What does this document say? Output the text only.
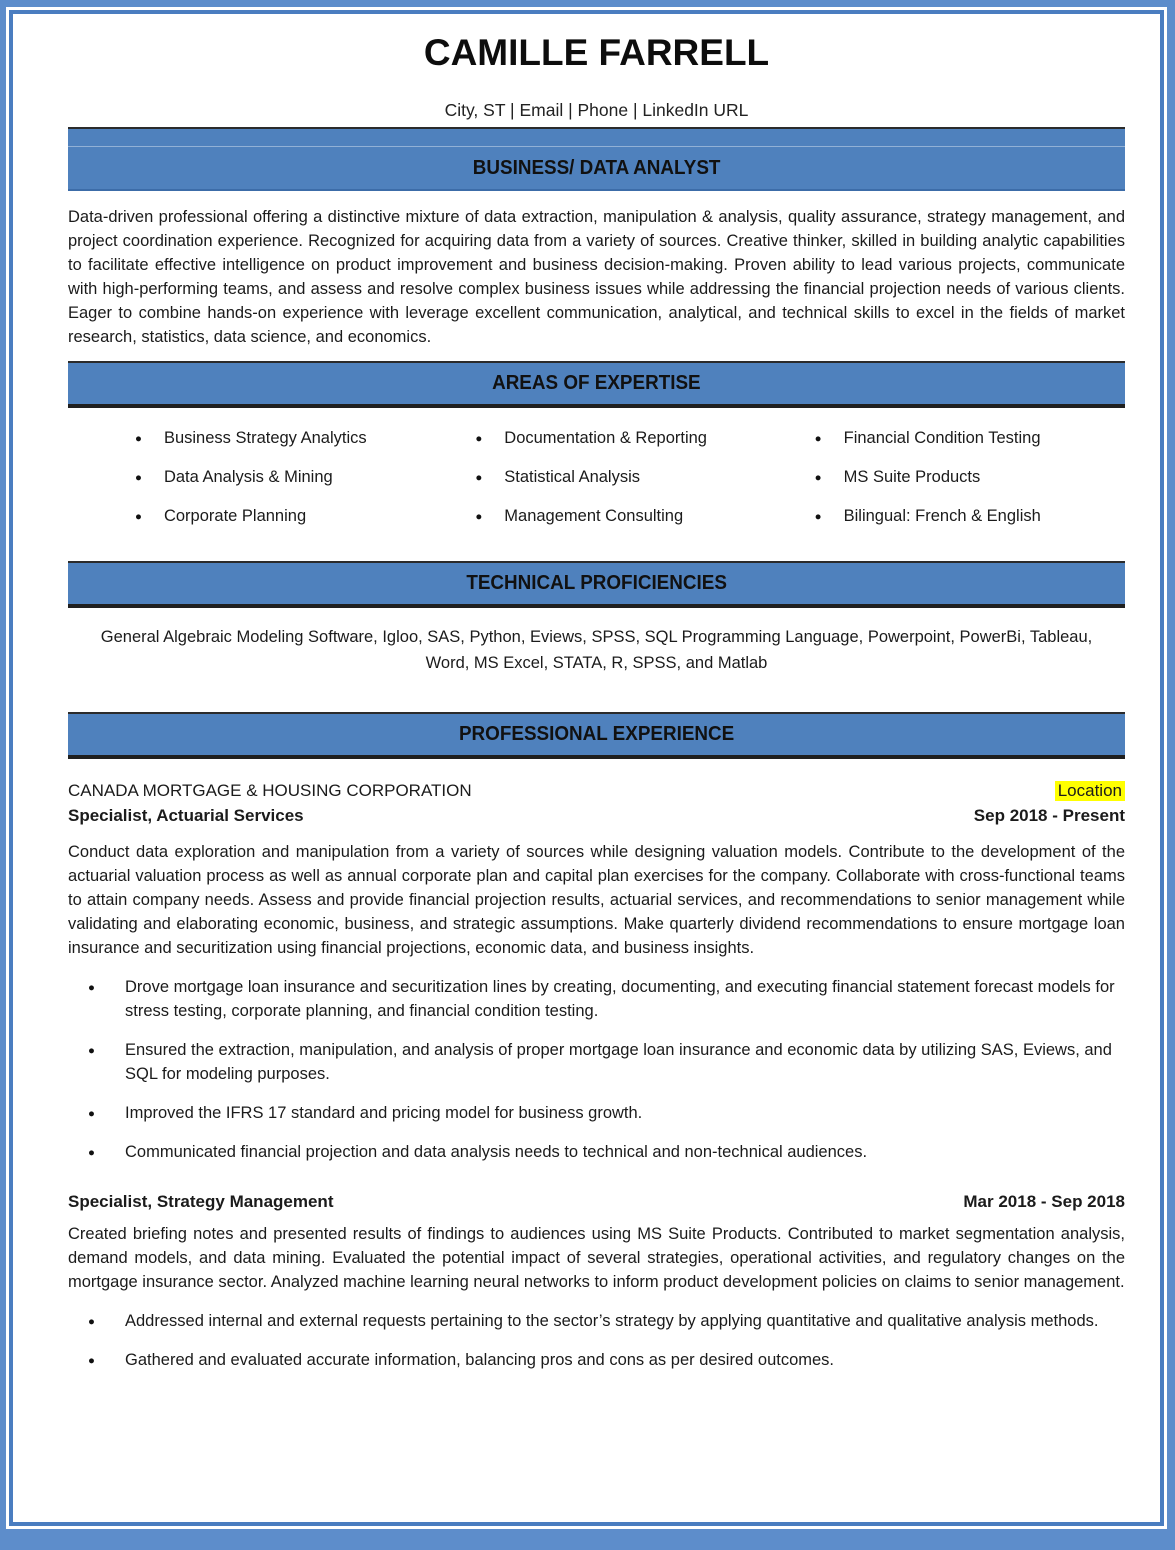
CAMILLE FARRELL
City, ST | Email | Phone | LinkedIn URL
BUSINESS/ DATA ANALYST

Data-driven professional offering a distinctive mixture of data extraction, manipulation & analysis, quality assurance, strategy management, and project coordination experience. Recognized for acquiring data from a variety of sources. Creative thinker, skilled in building analytic capabilities to facilitate effective intelligence on product improvement and business decision-making. Proven ability to lead various projects, communicate with high-performing teams, and assess and resolve complex business issues while addressing the financial projection needs of various clients. Eager to combine hands-on experience with leverage excellent communication, analytical, and technical skills to excel in the fields of market research, statistics, data science, and economics.

AREAS OF EXPERTISE
●
Business Strategy Analytics
●
Data Analysis & Mining
●
Corporate Planning
●
Documentation & Reporting
●
Statistical Analysis
●
Management Consulting
●
Financial Condition Testing
●
MS Suite Products
●
Bilingual: French & English
TECHNICAL PROFICIENCIES

General Algebraic Modeling Software, Igloo, SAS, Python, Eviews, SPSS, SQL Programming Language, Powerpoint, PowerBi, Tableau, Word, MS Excel, STATA, R, SPSS, and Matlab

PROFESSIONAL EXPERIENCE
CANADA MORTGAGE & HOUSING CORPORATION	Location
Specialist, Actuarial Services	Sep 2018 - Present

Conduct data exploration and manipulation from a variety of sources while designing valuation models. Contribute to the development of the actuarial valuation process as well as annual corporate plan and capital plan exercises for the company. Collaborate with cross-functional teams to attain company needs. Assess and provide financial projection results, actuarial services, and recommendations to senior management while validating and elaborating economic, business, and strategic assumptions. Make quarterly dividend recommendations to ensure mortgage loan insurance and securitization using financial projections, economic data, and business insights.

●
Drove mortgage loan insurance and securitization lines by creating, documenting, and executing financial statement forecast models for stress testing, corporate planning, and financial condition testing.
●
Ensured the extraction, manipulation, and analysis of proper mortgage loan insurance and economic data by utilizing SAS, Eviews, and SQL for modeling purposes.
●
Improved the IFRS 17 standard and pricing model for business growth.
●
Communicated financial projection and data analysis needs to technical and non-technical audiences.
Specialist, Strategy Management	Mar 2018 - Sep 2018

Created briefing notes and presented results of findings to audiences using MS Suite Products. Contributed to market segmentation analysis, demand models, and data mining. Evaluated the potential impact of several strategies, operational activities, and regulatory changes on the mortgage insurance sector. Analyzed machine learning neural networks to inform product development policies on claims to senior management.

●
Addressed internal and external requests pertaining to the sector’s strategy by applying quantitative and qualitative analysis methods.
●
Gathered and evaluated accurate information, balancing pros and cons as per desired outcomes.
